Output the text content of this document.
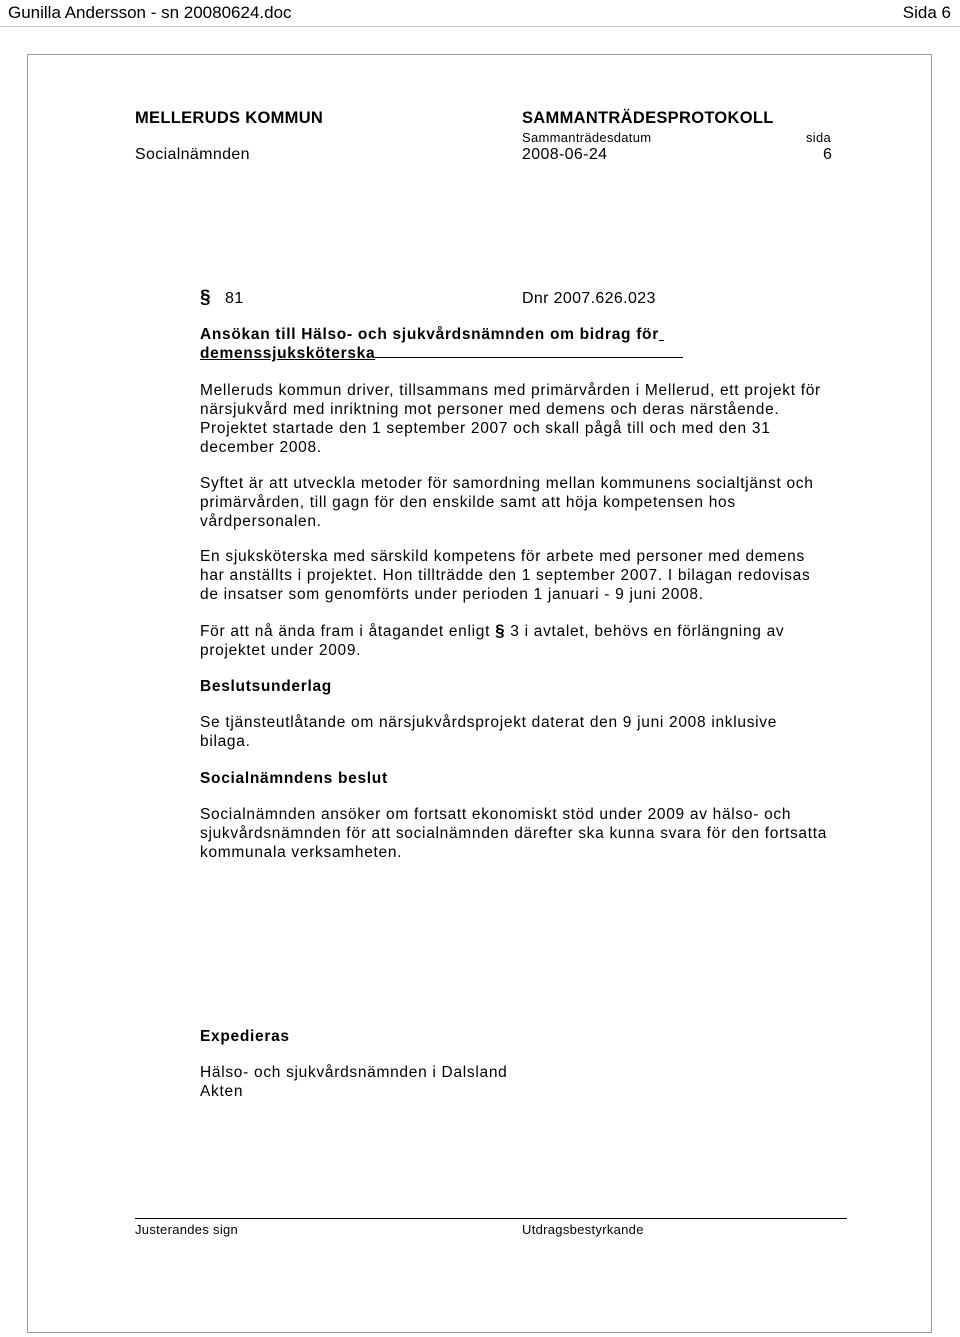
Gunilla Andersson - sn 20080624.doc	Sida 6
MELLERUDS KOMMUN	SAMMANTRÄDESPROTOKOLL
Sammanträdesdatum	sida
Socialnämnden	2008-06-24	6
§ 81	Dnr 2007.626.023

Ansökan till Hälso- och sjukvårdsnämnden om bidrag för

demenssjuksköterska

Melleruds kommun driver, tillsammans med primärvården i Mellerud, ett projekt för

närsjukvård med inriktning mot personer med demens och deras närstående.

Projektet startade den 1 september 2007 och skall pågå till och med den 31

december 2008.

Syftet är att utveckla metoder för samordning mellan kommunens socialtjänst och

primärvården, till gagn för den enskilde samt att höja kompetensen hos

vårdpersonalen.

En sjuksköterska med särskild kompetens för arbete med personer med demens

har anställts i projektet. Hon tillträdde den 1 september 2007. I bilagan redovisas

de insatser som genomförts under perioden 1 januari - 9 juni 2008.

För att nå ända fram i åtagandet enligt § 3 i avtalet, behövs en förlängning av

projektet under 2009.

Beslutsunderlag

Se tjänsteutlåtande om närsjukvårdsprojekt daterat den 9 juni 2008 inklusive

bilaga.

Socialnämndens beslut

Socialnämnden ansöker om fortsatt ekonomiskt stöd under 2009 av hälso- och

sjukvårdsnämnden för att socialnämnden därefter ska kunna svara för den fortsatta

kommunala verksamheten.

Expedieras

Hälso- och sjukvårdsnämnden i Dalsland

Akten

Justerandes sign	Utdragsbestyrkande
